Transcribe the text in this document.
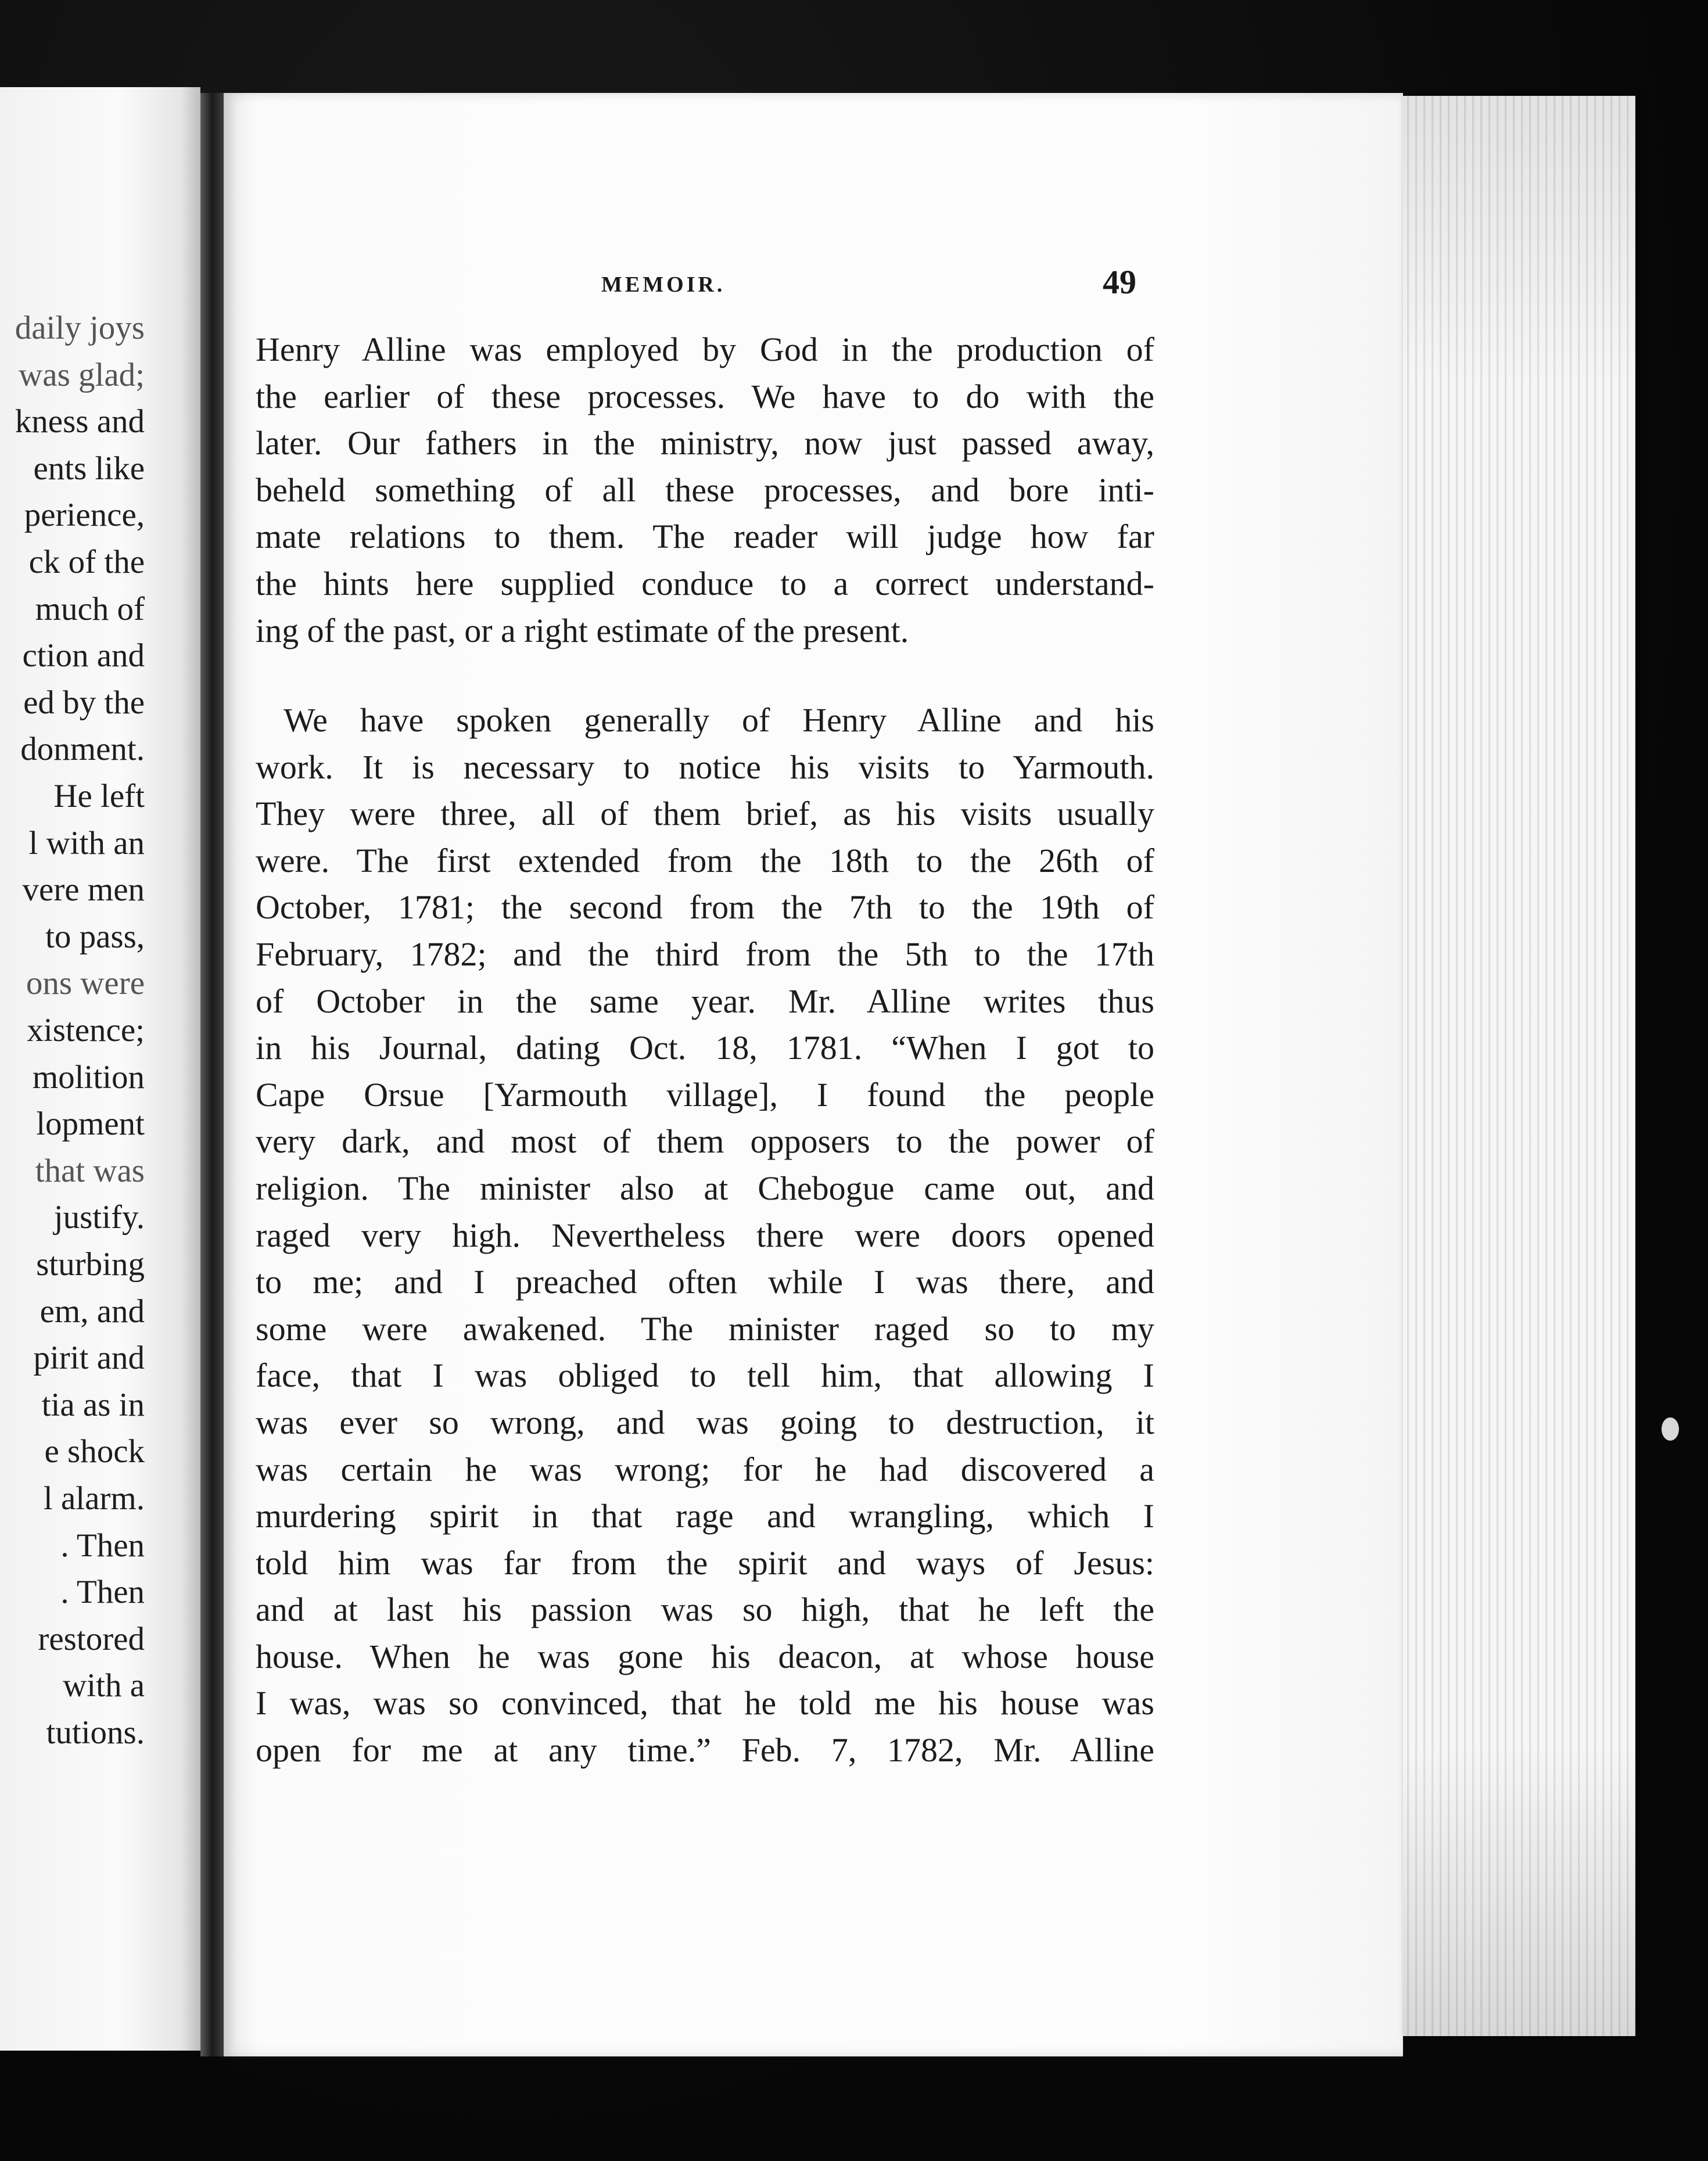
daily joys
was glad;
kness and
ents like
perience,
ck of the
much of
ction and
ed by the
donment.
He left
l with an
vere men
to pass,
ons were
xistence;
molition
lopment
that was
justify.
sturbing
em, and
pirit and
tia as in
e shock
l alarm.
. Then
. Then
restored
with a
tutions.
MEMOIR.	49
Henry Alline was employed by God in the production of
the earlier of these processes. We have to do with the
later. Our fathers in the ministry, now just passed away,
beheld something of all these processes, and bore inti-
mate relations to them. The reader will judge how far
the hints here supplied conduce to a correct understand-
ing of the past, or a right estimate of the present.
We have spoken generally of Henry Alline and his
work. It is necessary to notice his visits to Yarmouth.
They were three, all of them brief, as his visits usually
were. The first extended from the 18th to the 26th of
October, 1781; the second from the 7th to the 19th of
February, 1782; and the third from the 5th to the 17th
of October in the same year. Mr. Alline writes thus
in his Journal, dating Oct. 18, 1781. “When I got to
Cape Orsue [Yarmouth village], I found the people
very dark, and most of them opposers to the power of
religion. The minister also at Chebogue came out, and
raged very high. Nevertheless there were doors opened
to me; and I preached often while I was there, and
some were awakened. The minister raged so to my
face, that I was obliged to tell him, that allowing I
was ever so wrong, and was going to destruction, it
was certain he was wrong; for he had discovered a
murdering spirit in that rage and wrangling, which I
told him was far from the spirit and ways of Jesus:
and at last his passion was so high, that he left the
house. When he was gone his deacon, at whose house
I was, was so convinced, that he told me his house was
open for me at any time.” Feb. 7, 1782, Mr. Alline
